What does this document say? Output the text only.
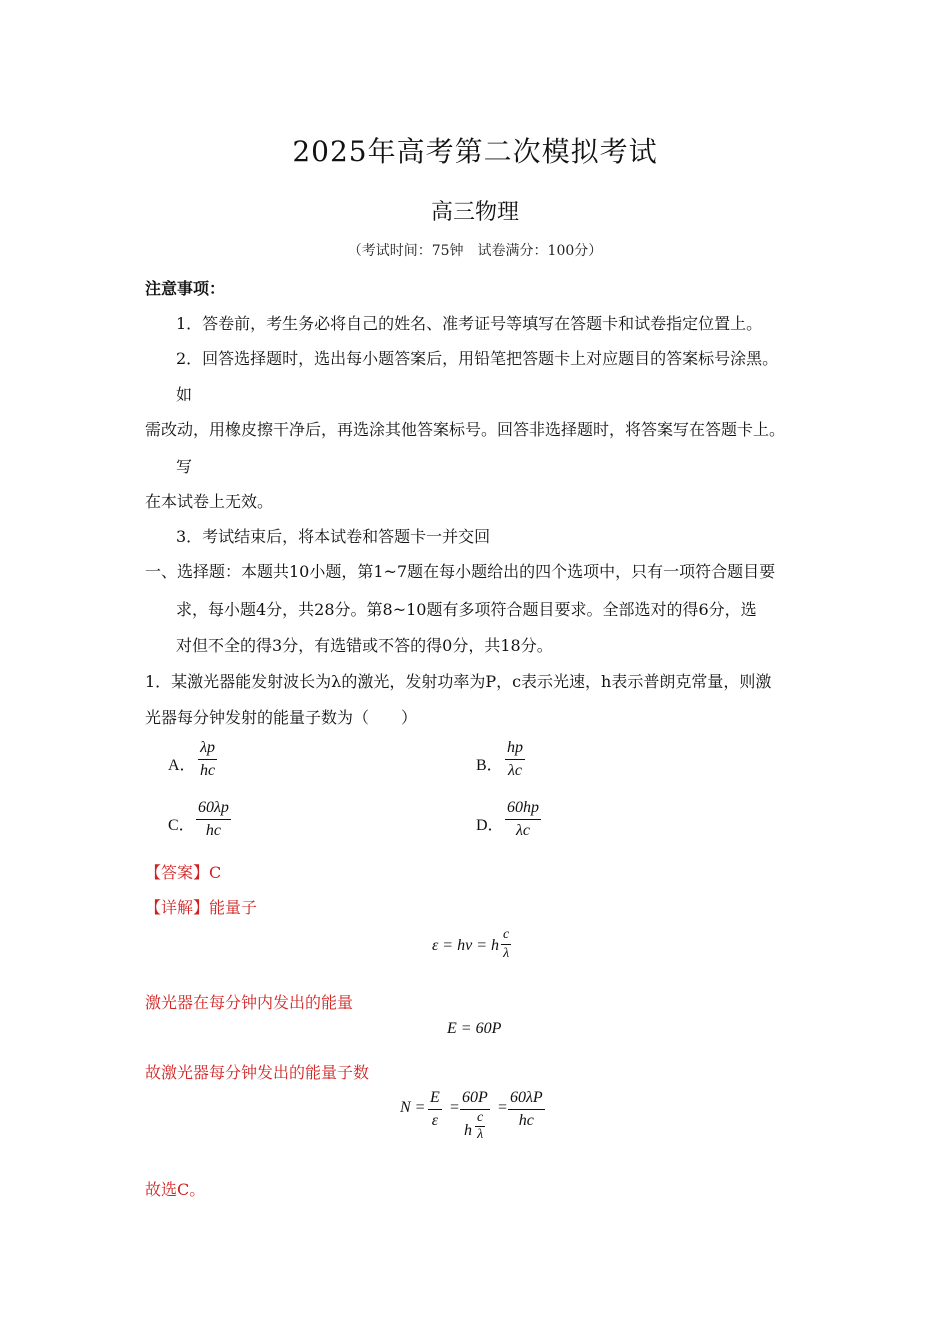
2025年高考第二次模拟考试
高三物理
（考试时间：75钟　试卷满分：100分）
注意事项：
1．答卷前，考生务必将自己的姓名、准考证号等填写在答题卡和试卷指定位置上。
2．回答选择题时，选出每小题答案后，用铅笔把答题卡上对应题目的答案标号涂黑。
如
需改动，用橡皮擦干净后，再选涂其他答案标号。回答非选择题时，将答案写在答题卡上。
写
在本试卷上无效。
3．考试结束后，将本试卷和答题卡一并交回
一、选择题：本题共10小题，第1~7题在每小题给出的四个选项中，只有一项符合题目要
求，每小题4分，共28分。第8~10题有多项符合题目要求。全部选对的得6分，选
对但不全的得3分，有选错或不答的得0分，共18分。
1．某激光器能发射波长为λ的激光，发射功率为P，c表示光速，h表示普朗克常量，则激
光器每分钟发射的能量子数为（　　）
A． $\frac{\lambda p}{hc}$	B． $\frac{hp}{\lambda c}$
C． $\frac{60\lambda p}{hc}$	D． $\frac{60hp}{\lambda c}$
【答案】C
【详解】能量子
ε = hν = h $\frac{c}{\lambda}$
激光器在每分钟内发出的能量
E = 60P
故激光器每分钟发出的能量子数
$N = \frac{E}{\varepsilon} = \frac{60P}{h \frac{c}{\lambda}} = \frac{60\lambda P}{hc}$
故选C。
